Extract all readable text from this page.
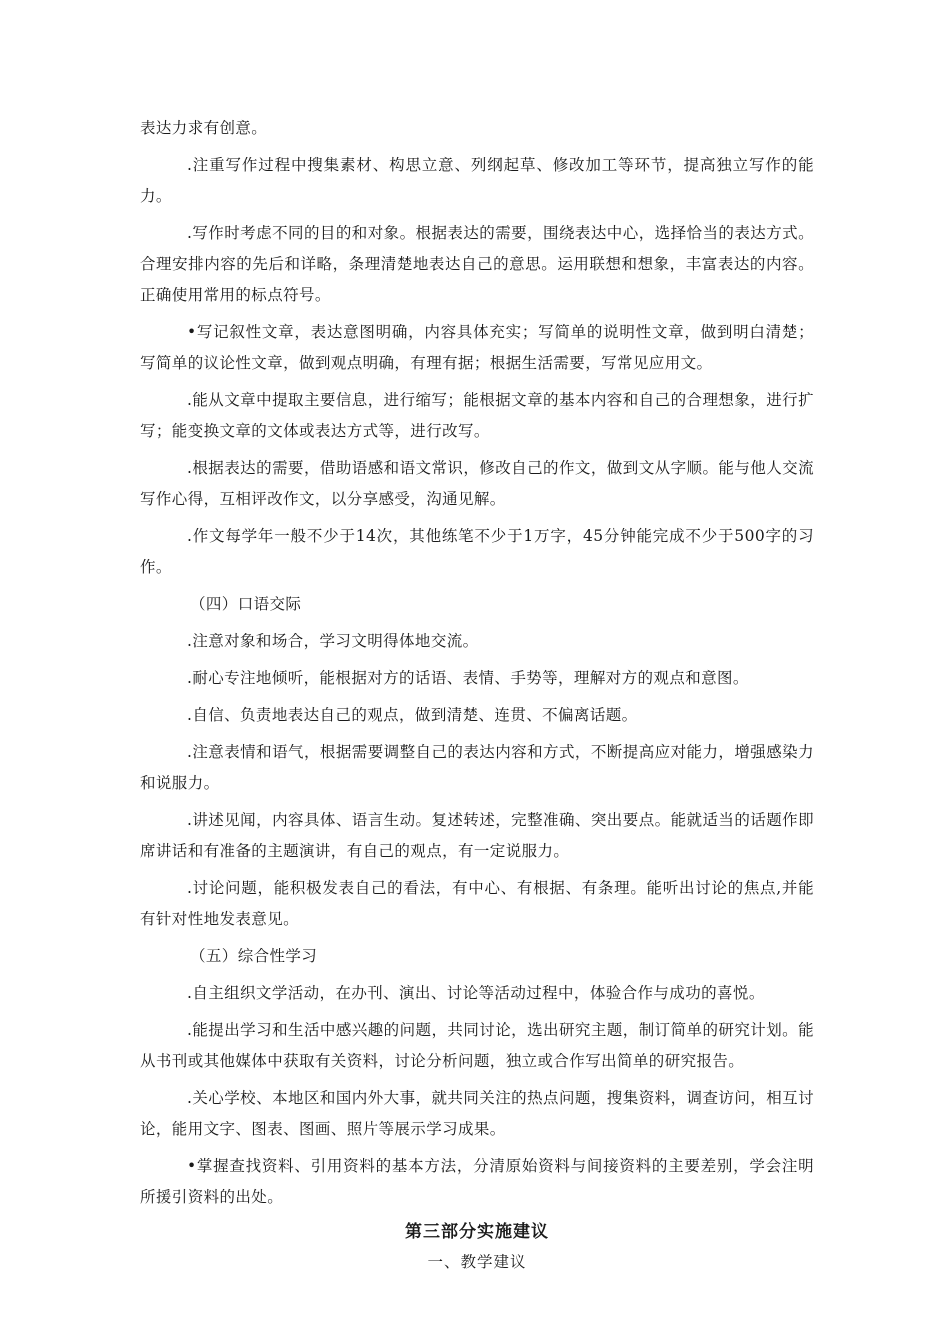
表达力求有创意。

.注重写作过程中搜集素材、构思立意、列纲起草、修改加工等环节，提高独立写作的能力。

.写作时考虑不同的目的和对象。根据表达的需要，围绕表达中心，选择恰当的表达方式。合理安排内容的先后和详略，条理清楚地表达自己的意思。运用联想和想象，丰富表达的内容。正确使用常用的标点符号。

•写记叙性文章，表达意图明确，内容具体充实；写简单的说明性文章，做到明白清楚；写简单的议论性文章，做到观点明确，有理有据；根据生活需要，写常见应用文。

.能从文章中提取主要信息，进行缩写；能根据文章的基本内容和自己的合理想象，进行扩写；能变换文章的文体或表达方式等，进行改写。

.根据表达的需要，借助语感和语文常识，修改自己的作文，做到文从字顺。能与他人交流写作心得，互相评改作文，以分享感受，沟通见解。

.作文每学年一般不少于14次，其他练笔不少于1万字，45分钟能完成不少于500字的习作。

（四）口语交际

.注意对象和场合，学习文明得体地交流。

.耐心专注地倾听，能根据对方的话语、表情、手势等，理解对方的观点和意图。

.自信、负责地表达自己的观点，做到清楚、连贯、不偏离话题。

.注意表情和语气，根据需要调整自己的表达内容和方式，不断提高应对能力，增强感染力和说服力。

.讲述见闻，内容具体、语言生动。复述转述，完整准确、突出要点。能就适当的话题作即席讲话和有准备的主题演讲，有自己的观点，有一定说服力。

.讨论问题，能积极发表自己的看法，有中心、有根据、有条理。能听出讨论的焦点,并能有针对性地发表意见。

（五）综合性学习

.自主组织文学活动，在办刊、演出、讨论等活动过程中，体验合作与成功的喜悦。

.能提出学习和生活中感兴趣的问题，共同讨论，选出研究主题，制订简单的研究计划。能从书刊或其他媒体中获取有关资料，讨论分析问题，独立或合作写出简单的研究报告。

.关心学校、本地区和国内外大事，就共同关注的热点问题，搜集资料，调查访问，相互讨论，能用文字、图表、图画、照片等展示学习成果。

•掌握查找资料、引用资料的基本方法，分清原始资料与间接资料的主要差别，学会注明所援引资料的出处。

第三部分实施建议
一、教学建议
